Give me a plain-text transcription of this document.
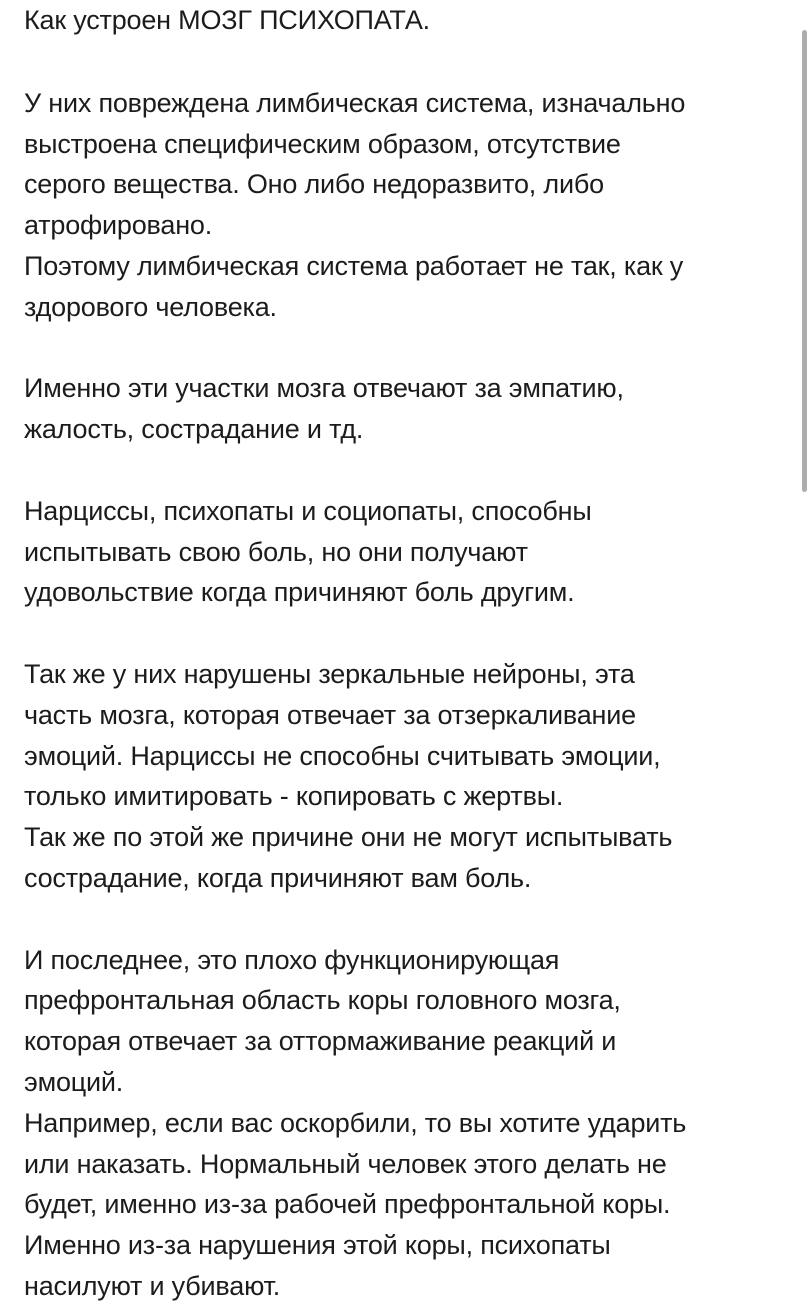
Как устроен МОЗГ ПСИХОПАТА.
У них повреждена лимбическая система, изначально
выстроена специфическим образом, отсутствие
серого вещества. Оно либо недоразвито, либо
атрофировано.
Поэтому лимбическая система работает не так, как у
здорового человека.
Именно эти участки мозга отвечают за эмпатию,
жалость, сострадание и тд.
Нарциссы, психопаты и социопаты, способны
испытывать свою боль, но они получают
удовольствие когда причиняют боль другим.
Так же у них нарушены зеркальные нейроны, эта
часть мозга, которая отвечает за отзеркаливание
эмоций. Нарциссы не способны считывать эмоции,
только имитировать - копировать с жертвы.
Так же по этой же причине они не могут испытывать
сострадание, когда причиняют вам боль.
И последнее, это плохо функционирующая
префронтальная область коры головного мозга,
которая отвечает за оттормаживание реакций и
эмоций.
Например, если вас оскорбили, то вы хотите ударить
или наказать. Нормальный человек этого делать не
будет, именно из-за рабочей префронтальной коры.
Именно из-за нарушения этой коры, психопаты
насилуют и убивают.
